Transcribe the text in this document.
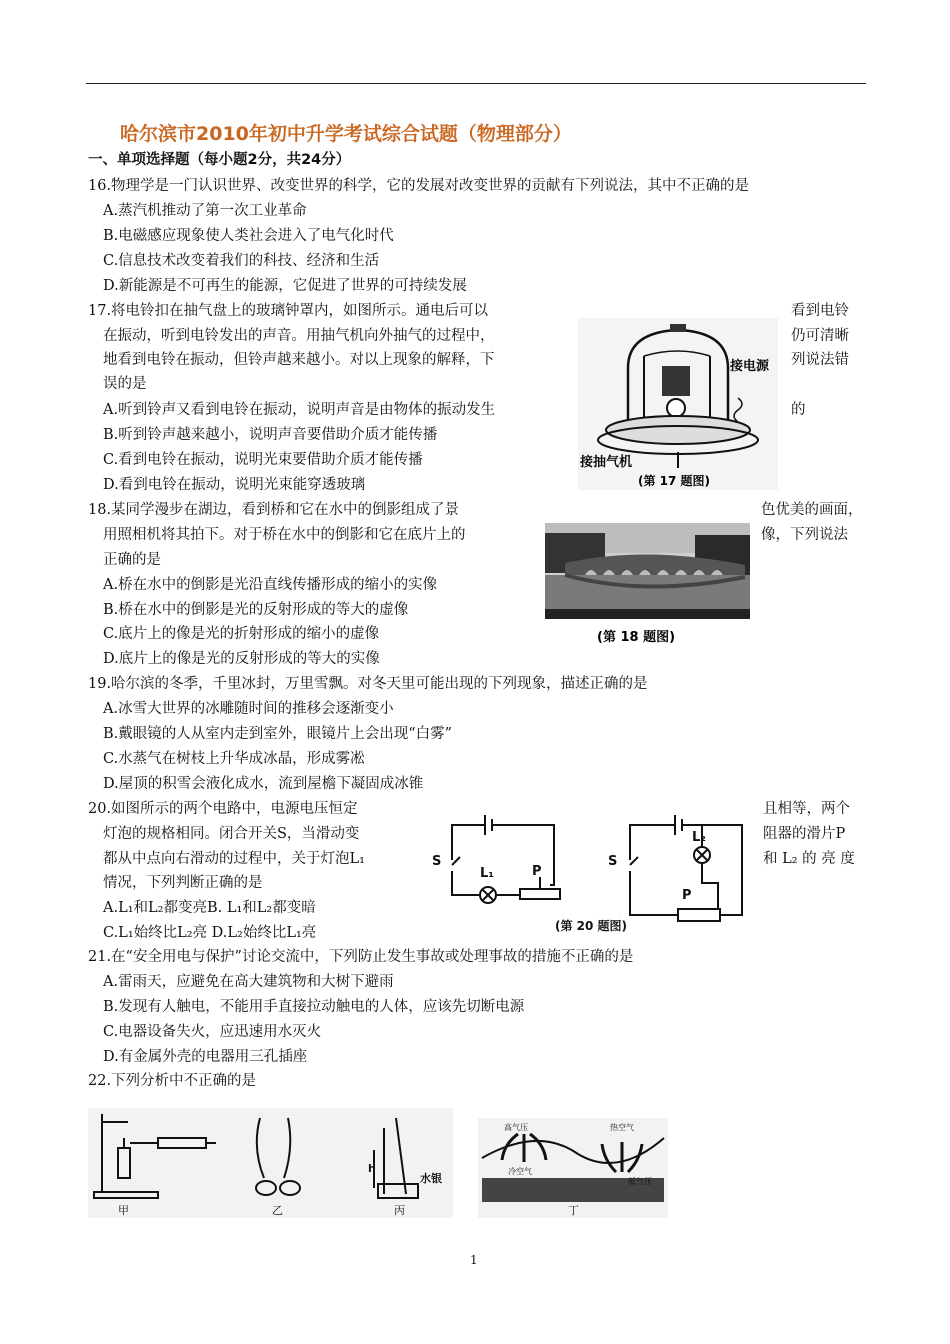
哈尔滨市2010年初中升学考试综合试题（物理部分）
一、单项选择题（每小题2分，共24分）
16.物理学是一门认识世界、改变世界的科学，它的发展对改变世界的贡献有下列说法，其中不正确的是
A.蒸汽机推动了第一次工业革命
B.电磁感应现象使人类社会进入了电气化时代
C.信息技术改变着我们的科技、经济和生活
D.新能源是不可再生的能源，它促进了世界的可持续发展
17.将电铃扣在抽气盘上的玻璃钟罩内，如图所示。通电后可以	看到电铃
在振动，听到电铃发出的声音。用抽气机向外抽气的过程中，	仍可清晰
地看到电铃在振动，但铃声越来越小。对以上现象的解释，下	列说法错
误的是
A.听到铃声又看到电铃在振动，说明声音是由物体的振动发生	的
B.听到铃声越来越小，说明声音要借助介质才能传播
C.看到电铃在振动，说明光束要借助介质才能传播
D.看到电铃在振动，说明光束能穿透玻璃
18.某同学漫步在湖边，看到桥和它在水中的倒影组成了景	色优美的画面，
用照相机将其拍下。对于桥在水中的倒影和它在底片上的	像，下列说法
正确的是
A.桥在水中的倒影是光沿直线传播形成的缩小的实像
B.桥在水中的倒影是光的反射形成的等大的虚像
C.底片上的像是光的折射形成的缩小的虚像
D.底片上的像是光的反射形成的等大的实像
19.哈尔滨的冬季，千里冰封，万里雪飘。对冬天里可能出现的下列现象，描述正确的是
A.冰雪大世界的冰雕随时间的推移会逐渐变小
B.戴眼镜的人从室内走到室外，眼镜片上会出现“白雾”
C.水蒸气在树枝上升华成冰晶，形成雾凇
D.屋顶的积雪会液化成水，流到屋檐下凝固成冰锥
20.如图所示的两个电路中，电源电压恒定	且相等，两个
灯泡的规格相同。闭合开关S，当滑动变	阻器的滑片P
都从中点向右滑动的过程中，关于灯泡L₁	和 L₂ 的 亮 度
情况，下列判断正确的是
A.L₁和L₂都变亮B. L₁和L₂都变暗
C.L₁始终比L₂亮 D.L₂始终比L₁亮
21.在“安全用电与保护”讨论交流中，下列防止发生事故或处理事故的措施不正确的是
A.雷雨天，应避免在高大建筑物和大树下避雨
B.发现有人触电，不能用手直接拉动触电的人体，应该先切断电源
C.电器设备失火，应迅速用水灭火
D.有金属外壳的电器用三孔插座
22.下列分析中不正确的是
接电源
接抽气机
(第 17 题图)
(第 18 题图)
S
L₁	P
S
L₂
P
(第 20 题图)
甲	乙	丙
h
水银
高气压
冷空气
热空气
低气压
丁
1
